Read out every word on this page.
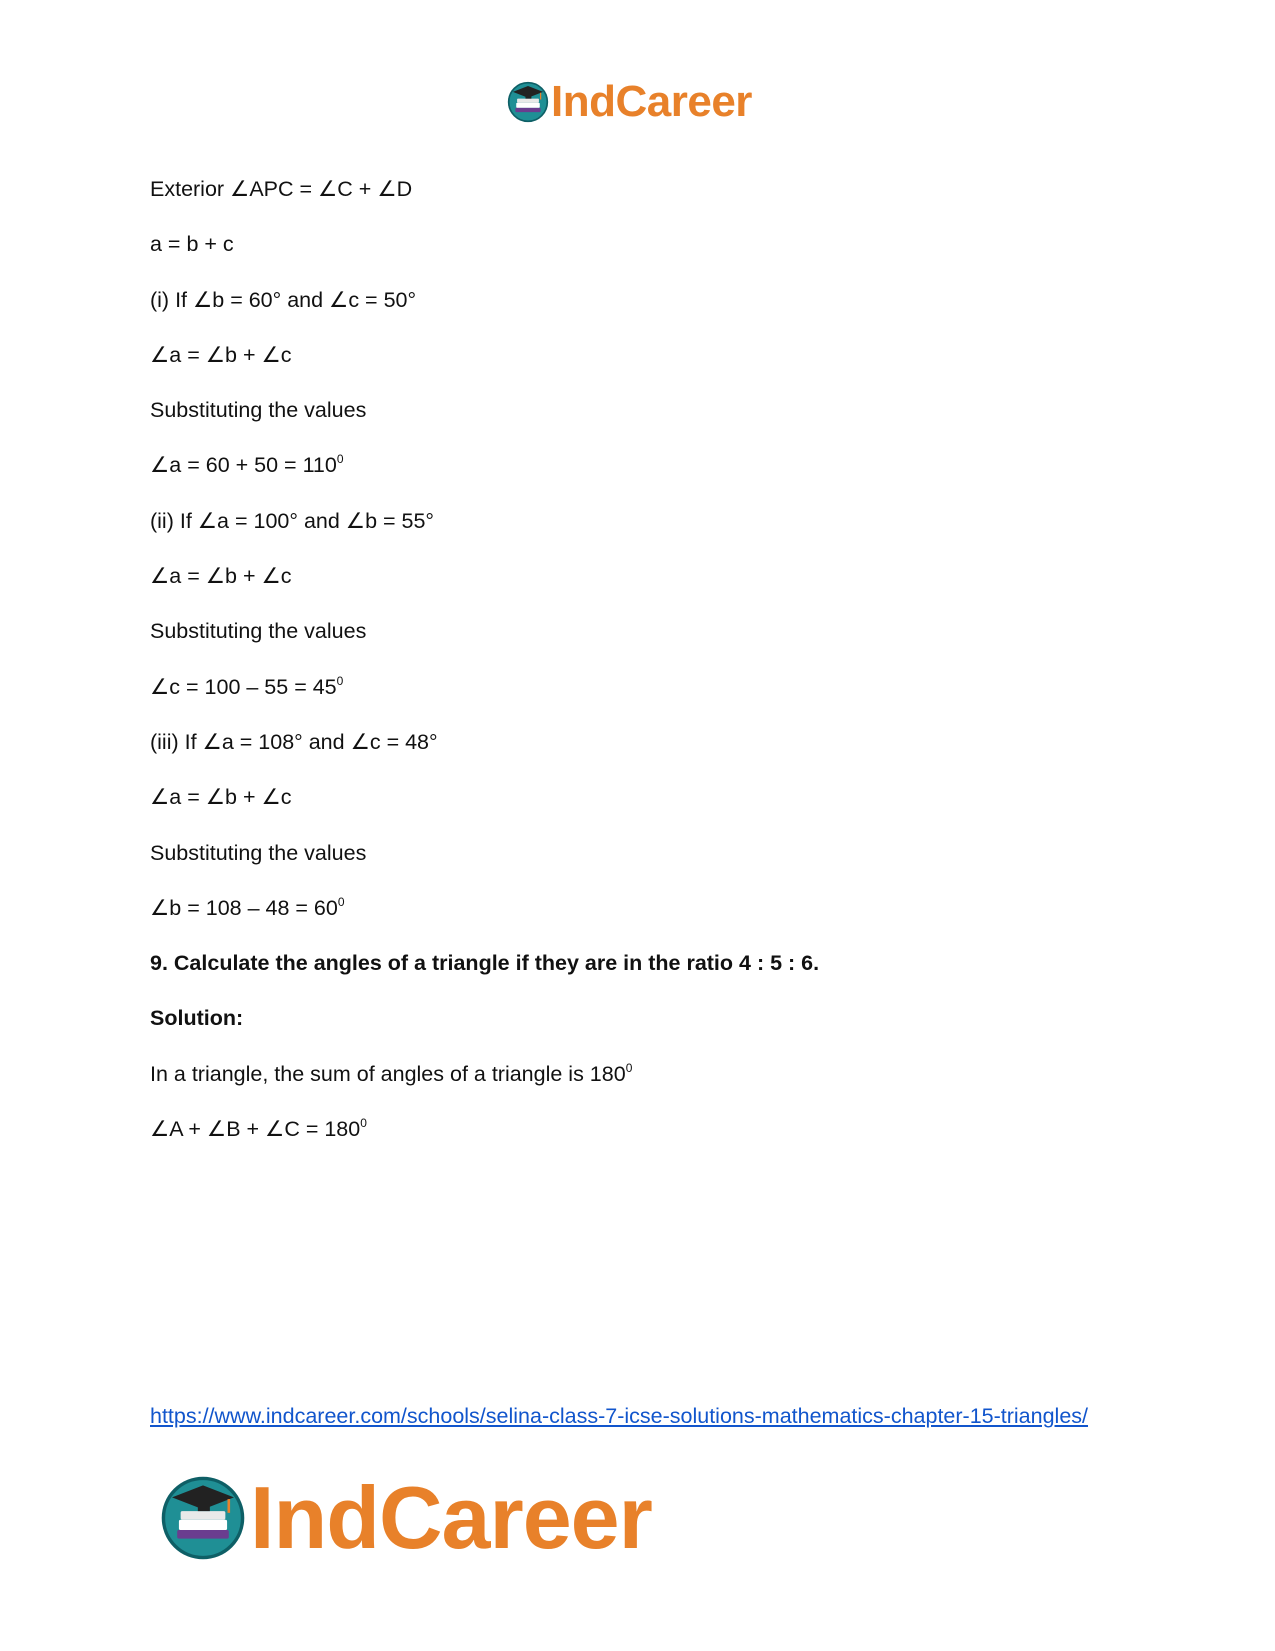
IndCareer
Exterior ∠APC = ∠C + ∠D
a = b + c
(i) If ∠b = 60° and ∠c = 50°
∠a = ∠b + ∠c
Substituting the values
∠a = $60 + 50 = 110^0$
(ii) If ∠a = 100° and ∠b = 55°
∠a = ∠b + ∠c
Substituting the values
∠c = $100 - 55 = 45^0$
(iii) If ∠a = 108° and ∠c = 48°
∠a = ∠b + ∠c
Substituting the values
∠b = $108 - 48 = 60^0$
9. Calculate the angles of a triangle if they are in the ratio 4 : 5 : 6.
Solution:
In a triangle, the sum of angles of a triangle is $180^0$
∠A + ∠B + ∠C = $180^0$
https://www.indcareer.com/schools/selina-class-7-icse-solutions-mathematics-chapter-15-triangles/
IndCareer
